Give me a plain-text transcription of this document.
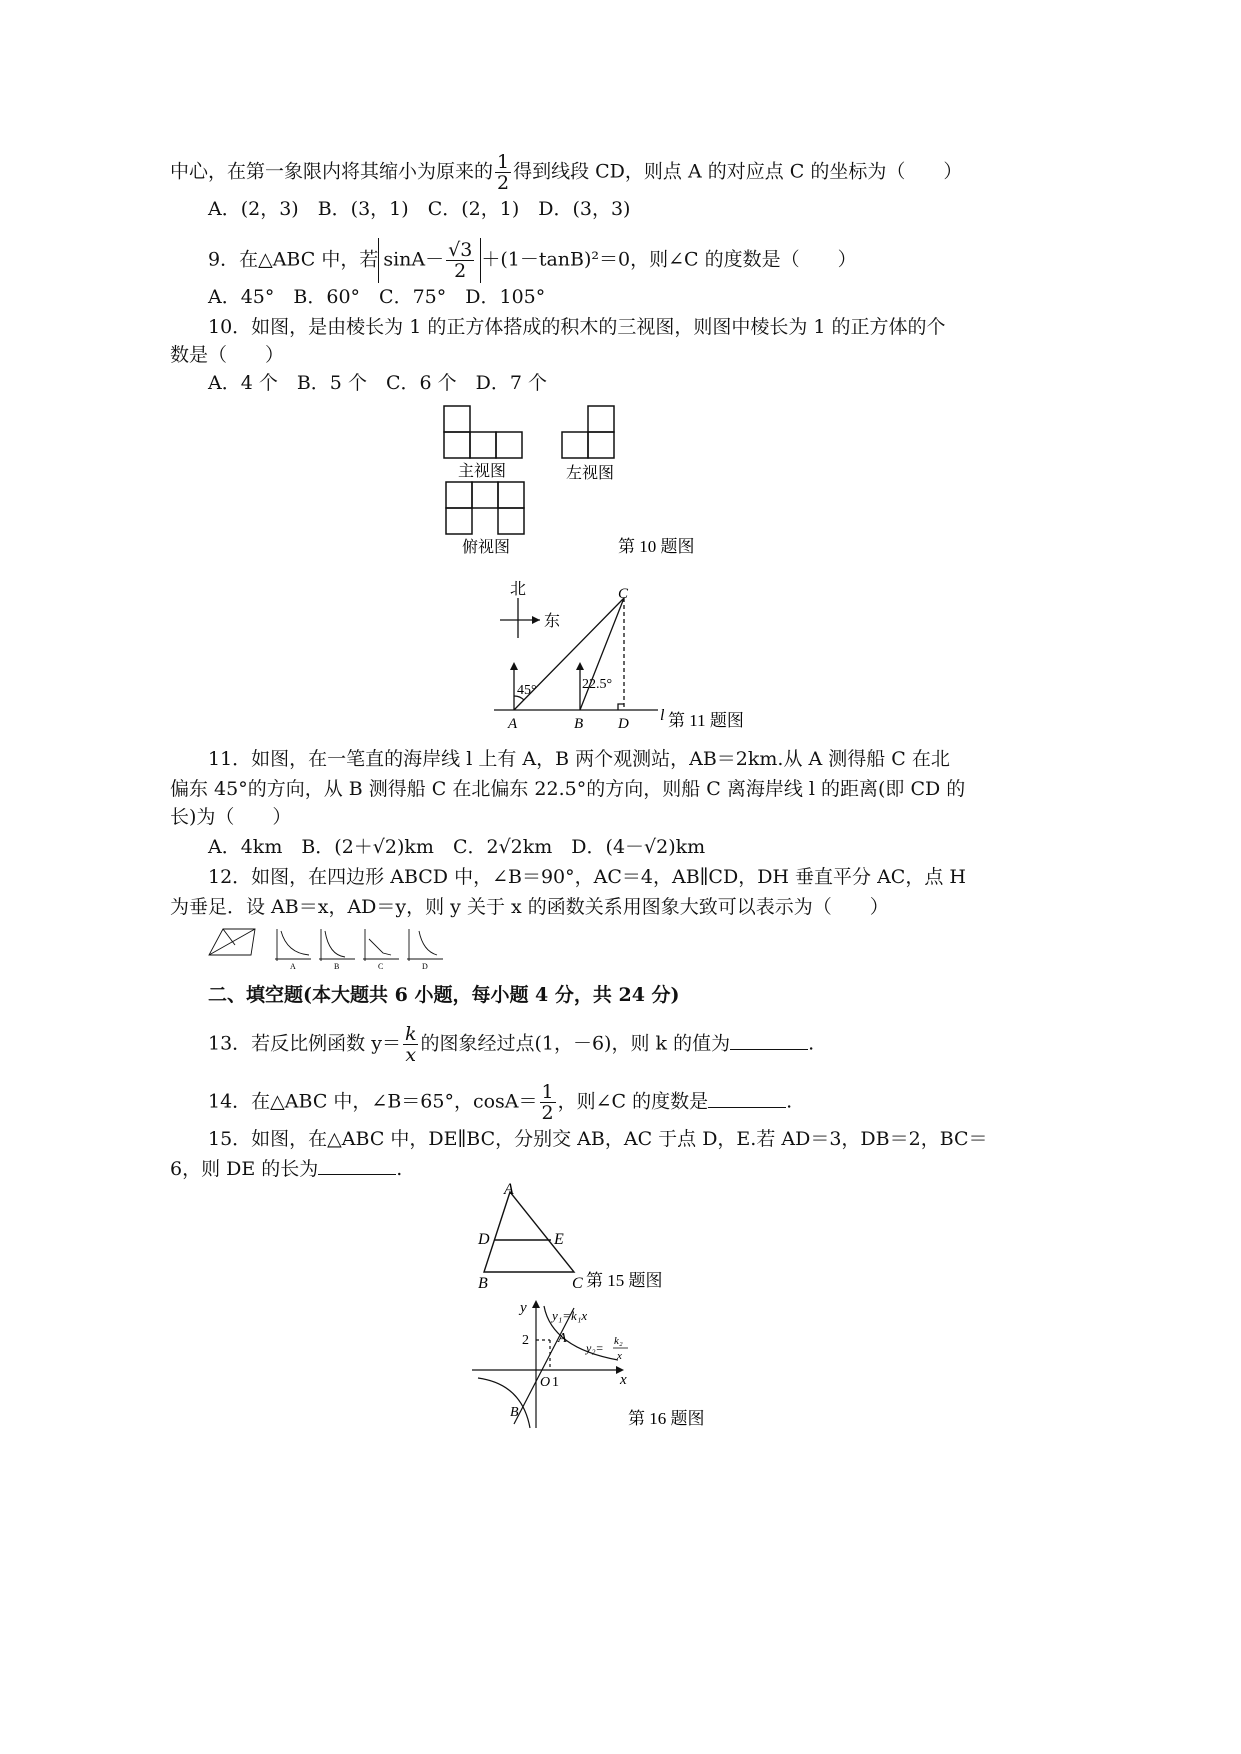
中心，在第一象限内将其缩小为原来的 $\frac{1}{2}$ 得到线段 CD，则点 A 的对应点 C 的坐标为（　　）
A．(2，3)　B．(3，1)　C．(2，1)　D．(3，3)
9．在△ABC 中，若 $\sin A- \frac{√3}{2} +(1-\tan B)^2=0$，则∠C 的度数是（　　）
A．45°　B．60°　C．75°　D．105°
10．如图，是由棱长为 1 的正方体搭成的积木的三视图，则图中棱长为 1 的正方体的个
数是（　　）
A．4 个　B．5 个　C．6 个　D．7 个
主视图	左视图
俯视图	第 10 题图
北
东
45°	22.5°
A	B
C
D l 第 11 题图
11．如图，在一笔直的海岸线 l 上有 A，B 两个观测站，AB＝2km.从 A 测得船 C 在北
偏东 45°的方向，从 B 测得船 C 在北偏东 22.5°的方向，则船 C 离海岸线 l 的距离(即 CD 的
长)为（　　）
A．4km　B．(2＋√2)km　C．2√2km　D．(4－√2)km
12．如图，在四边形 ABCD 中，∠B＝90°，AC＝4，AB∥CD，DH 垂直平分 AC，点 H
为垂足．设 AB＝x，AD＝y，则 y 关于 x 的函数关系用图象大致可以表示为（　　）
A	B	C	D
二、填空题(本大题共 6 小题，每小题 4 分，共 24 分)
13．若反比例函数 $y= \frac{k}{x}$ 的图象经过点(1，－6)，则 k 的值为	.
14．在△ABC 中，∠B＝65°，$\cos A= \frac{1}{2}$ ，则∠C 的度数是	.
15．如图，在△ABC 中，DE∥BC，分别交 AB，AC 于点 D，E.若 AD＝3，DB＝2，BC＝
6，则 DE 的长为	.
A
B	C
D	E
第 15 题图
x
y y₁=k₁x
y₂= k₂
x
2
O 1
A
B	第 16 题图
